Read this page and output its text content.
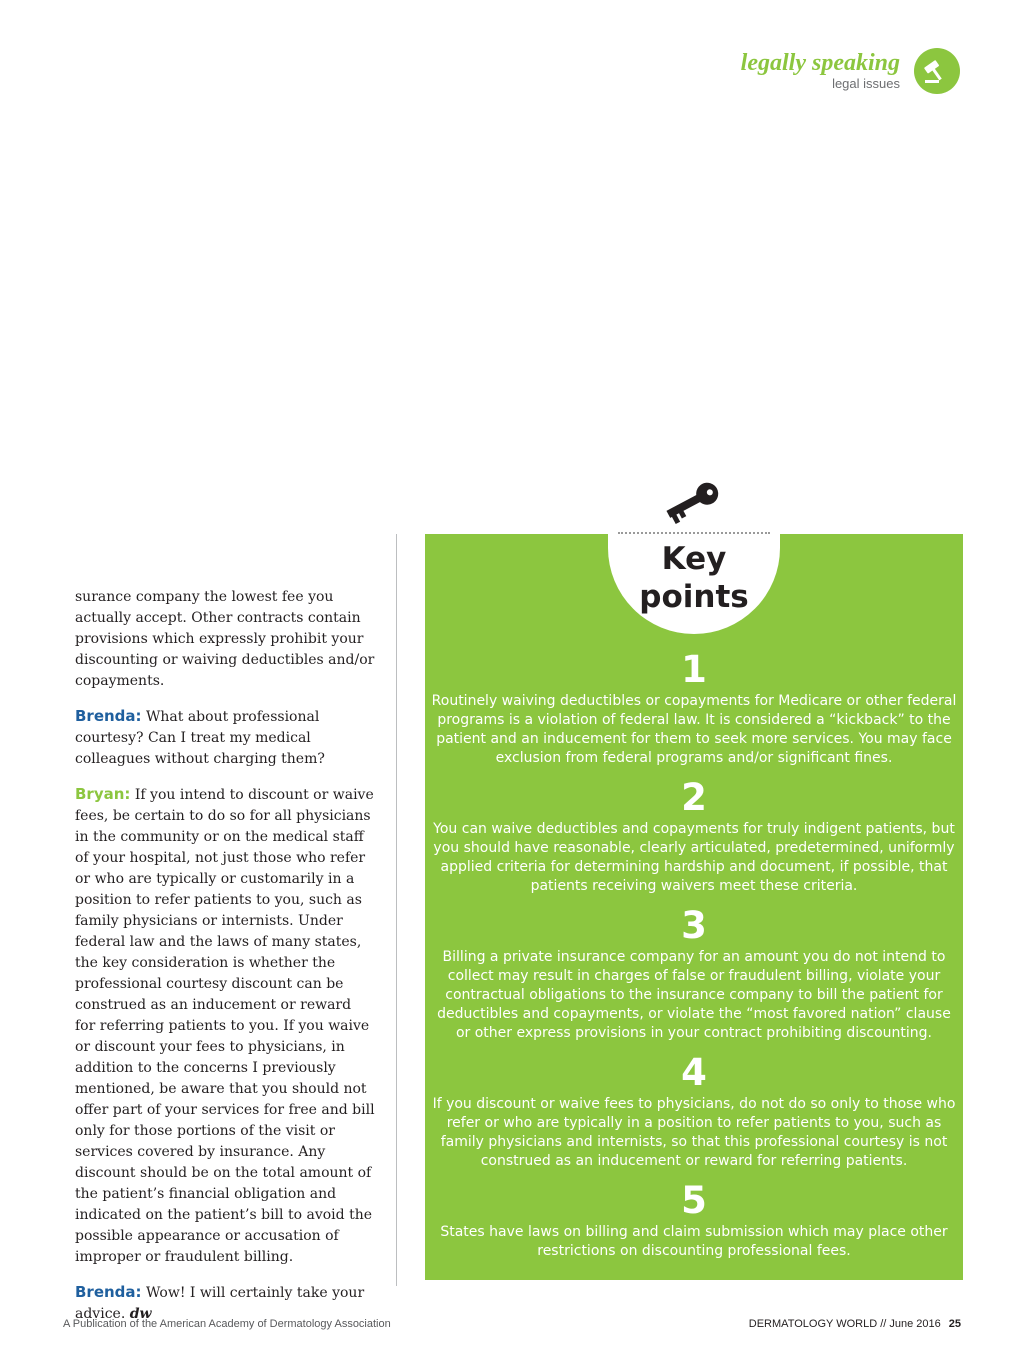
legally speaking
legal issues

surance company the lowest fee you actually accept. Other contracts contain provisions which expressly prohibit your discounting or waiving deductibles and/or copayments.

Brenda: What about professional courtesy? Can I treat my medical colleagues without charging them?

Bryan: If you intend to discount or waive fees, be certain to do so for all physicians in the community or on the medical staff of your hospital, not just those who refer or who are typically or customarily in a position to refer patients to you, such as family physicians or internists. Under federal law and the laws of many states, the key consideration is whether the professional courtesy discount can be construed as an inducement or reward for referring patients to you. If you waive or discount your fees to physicians, in addition to the concerns I previously mentioned, be aware that you should not offer part of your services for free and bill only for those portions of the visit or services covered by insurance. Any discount should be on the total amount of the patient’s financial obligation and indicated on the patient’s bill to avoid the possible appearance or accusation of improper or fraudulent billing.

Brenda: Wow! I will certainly take your advice. dw

Key points
1
Routinely waiving deductibles or copayments for Medicare or other federal programs is a violation of federal law. It is considered a “kickback” to the patient and an inducement for them to seek more services. You may face exclusion from federal programs and/or significant fines.
2
You can waive deductibles and copayments for truly indigent patients, but you should have reasonable, clearly articulated, predetermined, uniformly applied criteria for determining hardship and document, if possible, that patients receiving waivers meet these criteria.
3
Billing a private insurance company for an amount you do not intend to collect may result in charges of false or fraudulent billing, violate your contractual obligations to the insurance company to bill the patient for deductibles and copayments, or violate the “most favored nation” clause or other express provisions in your contract prohibiting discounting.
4
If you discount or waive fees to physicians, do not do so only to those who refer or who are typically in a position to refer patients to you, such as family physicians and internists, so that this professional courtesy is not construed as an inducement or reward for referring patients.
5
States have laws on billing and claim submission which may place other restrictions on discounting professional fees.
A Publication of the American Academy of Dermatology Association	DERMATOLOGY WORLD // June 2016 25
